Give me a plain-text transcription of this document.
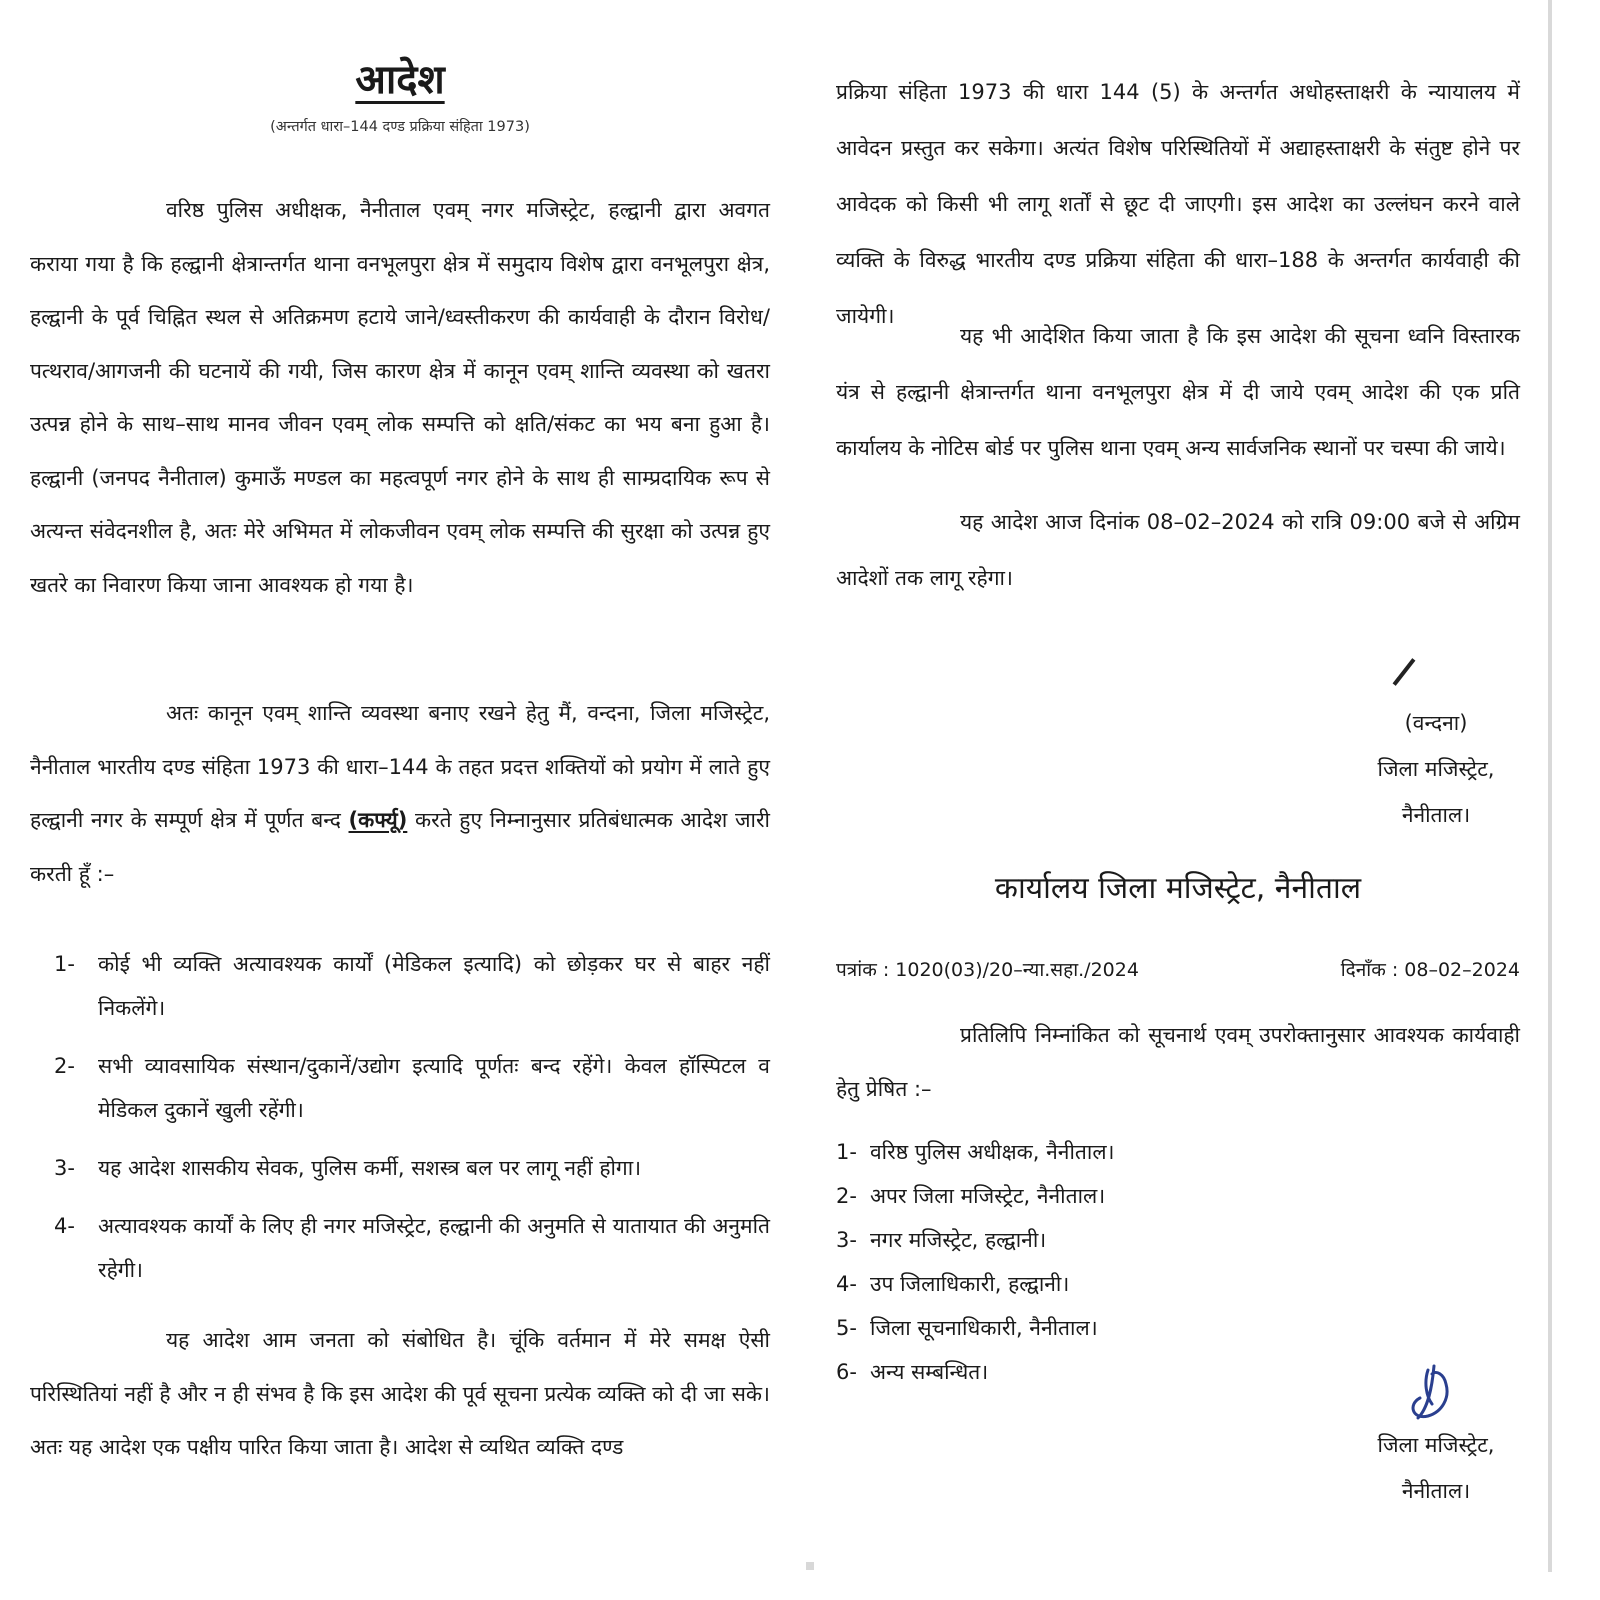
आदेश
(अन्तर्गत धारा–144 दण्ड प्रक्रिया संहिता 1973)

वरिष्ठ पुलिस अधीक्षक, नैनीताल एवम् नगर मजिस्ट्रेट, हल्द्वानी द्वारा अवगत कराया गया है कि हल्द्वानी क्षेत्रान्तर्गत थाना वनभूलपुरा क्षेत्र में समुदाय विशेष द्वारा वनभूलपुरा क्षेत्र, हल्द्वानी के पूर्व चिह्नित स्थल से अतिक्रमण हटाये जाने/ध्वस्तीकरण की कार्यवाही के दौरान विरोध/पत्थराव/आगजनी की घटनायें की गयी, जिस कारण क्षेत्र में कानून एवम् शान्ति व्यवस्था को खतरा उत्पन्न होने के साथ–साथ मानव जीवन एवम् लोक सम्पत्ति को क्षति/संकट का भय बना हुआ है। हल्द्वानी (जनपद नैनीताल) कुमाऊँ मण्डल का महत्वपूर्ण नगर होने के साथ ही साम्प्रदायिक रूप से अत्यन्त संवेदनशील है, अतः मेरे अभिमत में लोकजीवन एवम् लोक सम्पत्ति की सुरक्षा को उत्पन्न हुए खतरे का निवारण किया जाना आवश्यक हो गया है।

अतः कानून एवम् शान्ति व्यवस्था बनाए रखने हेतु मैं, वन्दना, जिला मजिस्ट्रेट, नैनीताल भारतीय दण्ड संहिता 1973 की धारा–144 के तहत प्रदत्त शक्तियों को प्रयोग में लाते हुए हल्द्वानी नगर के सम्पूर्ण क्षेत्र में पूर्णत बन्द (कर्फ्यू) करते हुए निम्नानुसार प्रतिबंधात्मक आदेश जारी करती हूँ :–

1-	कोई भी व्यक्ति अत्यावश्यक कार्यों (मेडिकल इत्यादि) को छोड़कर घर से बाहर नहीं निकलेंगे।
2-	सभी व्यावसायिक संस्थान/दुकानें/उद्योग इत्यादि पूर्णतः बन्द रहेंगे। केवल हॉस्पिटल व मेडिकल दुकानें खुली रहेंगी।
3-	यह आदेश शासकीय सेवक, पुलिस कर्मी, सशस्त्र बल पर लागू नहीं होगा।
4-	अत्यावश्यक कार्यों के लिए ही नगर मजिस्ट्रेट, हल्द्वानी की अनुमति से यातायात की अनुमति रहेगी।

यह आदेश आम जनता को संबोधित है। चूंकि वर्तमान में मेरे समक्ष ऐसी परिस्थितियां नहीं है और न ही संभव है कि इस आदेश की पूर्व सूचना प्रत्येक व्यक्ति को दी जा सके। अतः यह आदेश एक पक्षीय पारित किया जाता है। आदेश से व्यथित व्यक्ति दण्ड

प्रक्रिया संहिता 1973 की धारा 144 (5) के अन्तर्गत अधोहस्ताक्षरी के न्यायालय में आवेदन प्रस्तुत कर सकेगा। अत्यंत विशेष परिस्थितियों में अद्याहस्ताक्षरी के संतुष्ट होने पर आवेदक को किसी भी लागू शर्तों से छूट दी जाएगी। इस आदेश का उल्लंघन करने वाले व्यक्ति के विरुद्ध भारतीय दण्ड प्रक्रिया संहिता की धारा–188 के अन्तर्गत कार्यवाही की जायेगी।

यह भी आदेशित किया जाता है कि इस आदेश की सूचना ध्वनि विस्तारक यंत्र से हल्द्वानी क्षेत्रान्तर्गत थाना वनभूलपुरा क्षेत्र में दी जाये एवम् आदेश की एक प्रति कार्यालय के नोटिस बोर्ड पर पुलिस थाना एवम् अन्य सार्वजनिक स्थानों पर चस्पा की जाये।

यह आदेश आज दिनांक 08–02–2024 को रात्रि 09:00 बजे से अग्रिम आदेशों तक लागू रहेगा।

(वन्दना)
जिला मजिस्ट्रेट,
नैनीताल।
कार्यालय जिला मजिस्ट्रेट, नैनीताल
पत्रांक : 1020(03)/20–न्या.सहा./2024	दिनाँक : 08–02–2024

प्रतिलिपि निम्नांकित को सूचनार्थ एवम् उपरोक्तानुसार आवश्यक कार्यवाही हेतु प्रेषित :–

1- वरिष्ठ पुलिस अधीक्षक, नैनीताल।
2- अपर जिला मजिस्ट्रेट, नैनीताल।
3- नगर मजिस्ट्रेट, हल्द्वानी।
4- उप जिलाधिकारी, हल्द्वानी।
5- जिला सूचनाधिकारी, नैनीताल।
6- अन्य सम्बन्धित।
जिला मजिस्ट्रेट,
नैनीताल।
